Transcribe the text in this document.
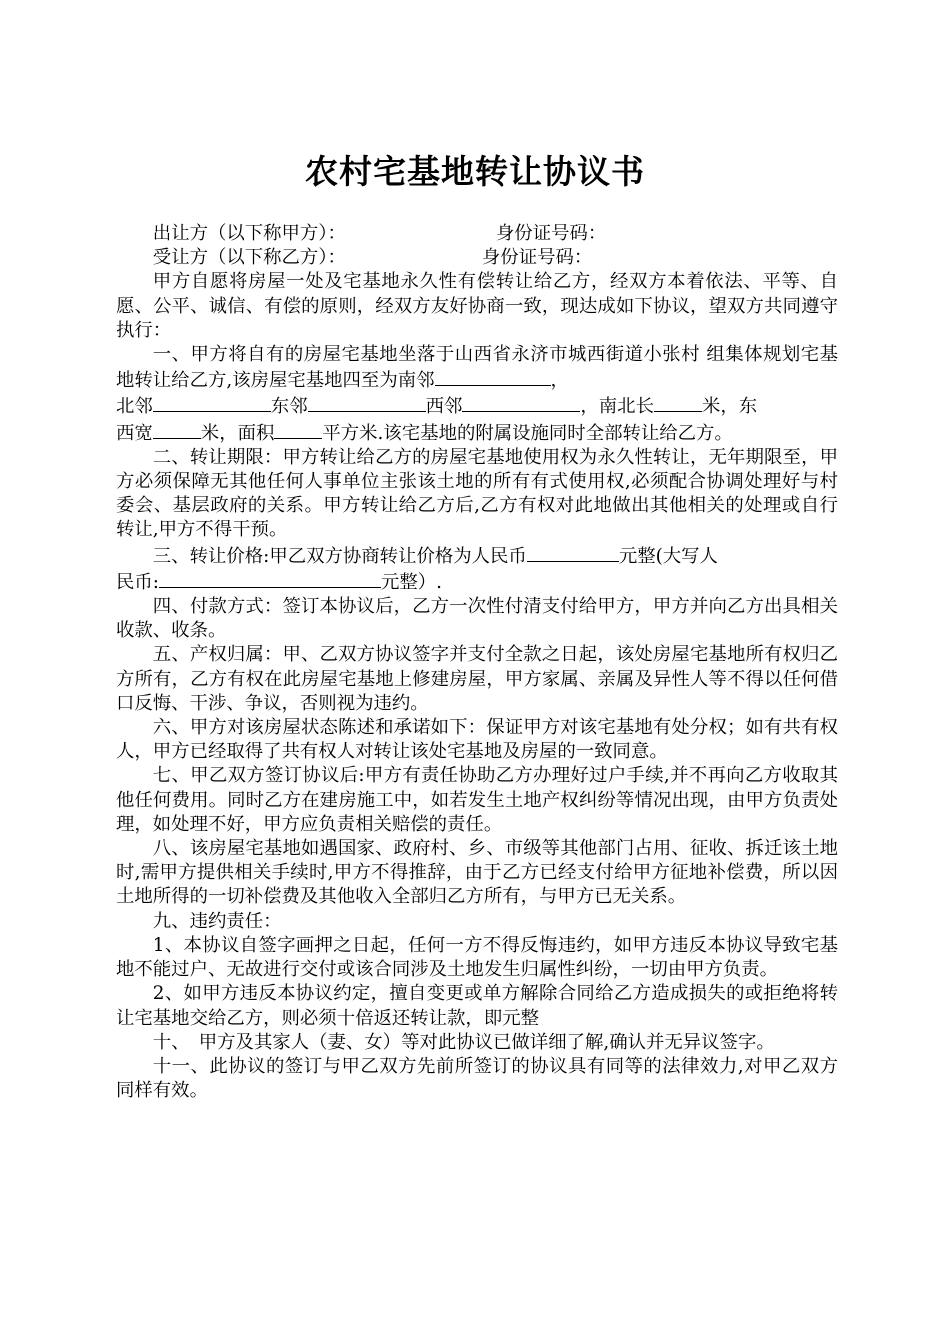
农村宅基地转让协议书

出让方（以下称甲方）：	身份证号码：

受让方（以下称乙方）：	身份证号码：

甲方自愿将房屋一处及宅基地永久性有偿转让给乙方，经双方本着依法、平等、自愿、公平、诚信、有偿的原则，经双方友好协商一致，现达成如下协议，望双方共同遵守执行：

一、甲方将自有的房屋宅基地坐落于山西省永济市城西街道小张村 组集体规划宅基地转让给乙方,该房屋宅基地四至为南邻	，
北邻	东邻	西邻	，南北长	米，东
西宽	米，面积	平方米.该宅基地的附属设施同时全部转让给乙方。

二、转让期限：甲方转让给乙方的房屋宅基地使用权为永久性转让，无年期限至，甲方必须保障无其他任何人事单位主张该土地的所有有式使用权,必须配合协调处理好与村委会、基层政府的关系。甲方转让给乙方后,乙方有权对此地做出其他相关的处理或自行转让,甲方不得干预。

三、转让价格:甲乙双方协商转让价格为人民币	元整(大写人
民币:	元整）.

四、付款方式：签订本协议后，乙方一次性付清支付给甲方，甲方并向乙方出具相关收款、收条。

五、产权归属：甲、乙双方协议签字并支付全款之日起，该处房屋宅基地所有权归乙方所有，乙方有权在此房屋宅基地上修建房屋，甲方家属、亲属及异性人等不得以任何借口反悔、干涉、争议，否则视为违约。

六、甲方对该房屋状态陈述和承诺如下：保证甲方对该宅基地有处分权；如有共有权人，甲方已经取得了共有权人对转让该处宅基地及房屋的一致同意。

七、甲乙双方签订协议后:甲方有责任协助乙方办理好过户手续,并不再向乙方收取其他任何费用。同时乙方在建房施工中，如若发生土地产权纠纷等情况出现，由甲方负责处理，如处理不好，甲方应负责相关赔偿的责任。

八、该房屋宅基地如遇国家、政府村、乡、市级等其他部门占用、征收、拆迁该土地时,需甲方提供相关手续时,甲方不得推辞，由于乙方已经支付给甲方征地补偿费，所以因土地所得的一切补偿费及其他收入全部归乙方所有，与甲方已无关系。

九、违约责任：

1、本协议自签字画押之日起，任何一方不得反悔违约，如甲方违反本协议导致宅基地不能过户、无故进行交付或该合同涉及土地发生归属性纠纷，一切由甲方负责。

2、如甲方违反本协议约定，擅自变更或单方解除合同给乙方造成损失的或拒绝将转让宅基地交给乙方，则必须十倍返还转让款，即元整

十、　甲方及其家人（妻、女）等对此协议已做详细了解,确认并无异议签字。

十一、此协议的签订与甲乙双方先前所签订的协议具有同等的法律效力,对甲乙双方同样有效。
